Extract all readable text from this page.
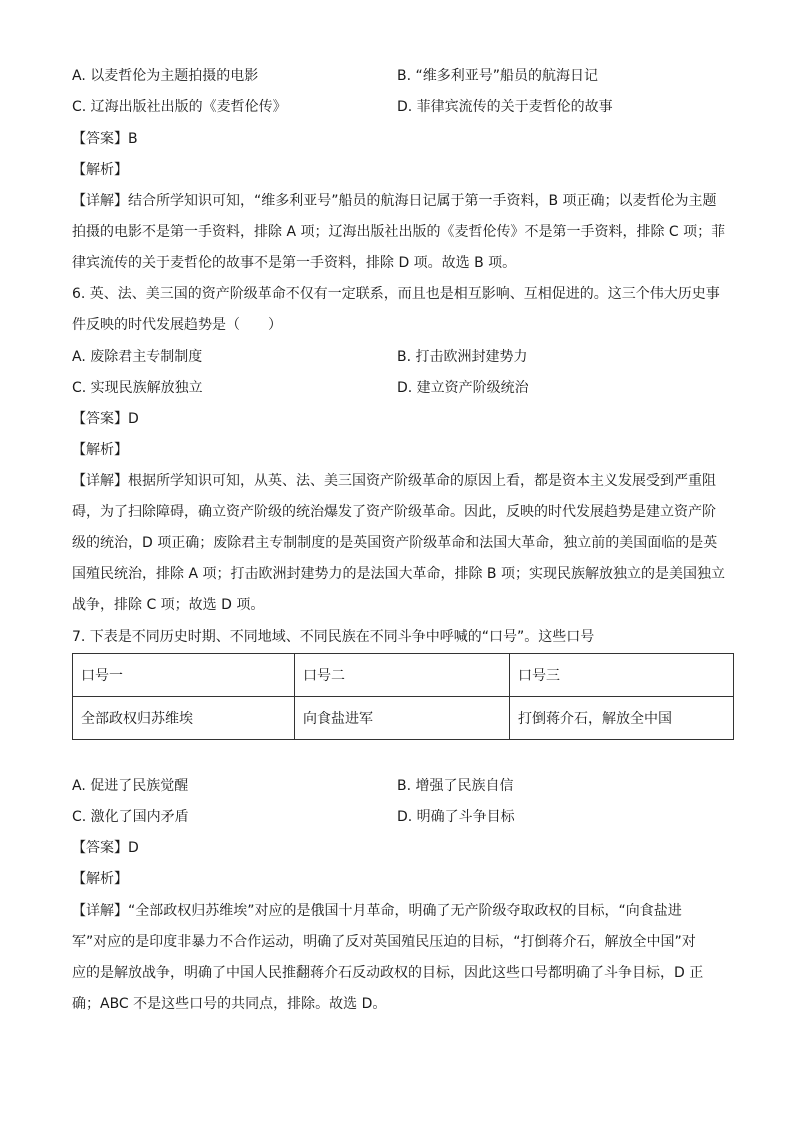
A. 以麦哲伦为主题拍摄的电影	B. “维多利亚号”船员的航海日记
C. 辽海出版社出版的《麦哲伦传》	D. 菲律宾流传的关于麦哲伦的故事
【答案】B
【解析】
【详解】结合所学知识可知，“维多利亚号”船员的航海日记属于第一手资料，B 项正确；以麦哲伦为主题
拍摄的电影不是第一手资料，排除 A 项；辽海出版社出版的《麦哲伦传》不是第一手资料，排除 C 项；菲
律宾流传的关于麦哲伦的故事不是第一手资料，排除 D 项。故选 B 项。
6. 英、法、美三国的资产阶级革命不仅有一定联系，而且也是相互影响、互相促进的。这三个伟大历史事
件反映的时代发展趋势是（　　）
A. 废除君主专制制度	B. 打击欧洲封建势力
C. 实现民族解放独立	D. 建立资产阶级统治
【答案】D
【解析】
【详解】根据所学知识可知，从英、法、美三国资产阶级革命的原因上看，都是资本主义发展受到严重阻
碍，为了扫除障碍，确立资产阶级的统治爆发了资产阶级革命。因此，反映的时代发展趋势是建立资产阶
级的统治，D 项正确；废除君主专制制度的是英国资产阶级革命和法国大革命，独立前的美国面临的是英
国殖民统治，排除 A 项；打击欧洲封建势力的是法国大革命，排除 B 项；实现民族解放独立的是美国独立
战争，排除 C 项；故选 D 项。
7. 下表是不同历史时期、不同地域、不同民族在不同斗争中呼喊的“口号”。这些口号
口号一	口号二	口号三
全部政权归苏维埃	向食盐进军	打倒蒋介石，解放全中国
A. 促进了民族觉醒	B. 增强了民族自信
C. 激化了国内矛盾	D. 明确了斗争目标
【答案】D
【解析】
【详解】“全部政权归苏维埃”对应的是俄国十月革命，明确了无产阶级夺取政权的目标，“向食盐进
军”对应的是印度非暴力不合作运动，明确了反对英国殖民压迫的目标，“打倒蒋介石，解放全中国”对
应的是解放战争，明确了中国人民推翻蒋介石反动政权的目标，因此这些口号都明确了斗争目标，D 正
确；ABC 不是这些口号的共同点，排除。故选 D。
